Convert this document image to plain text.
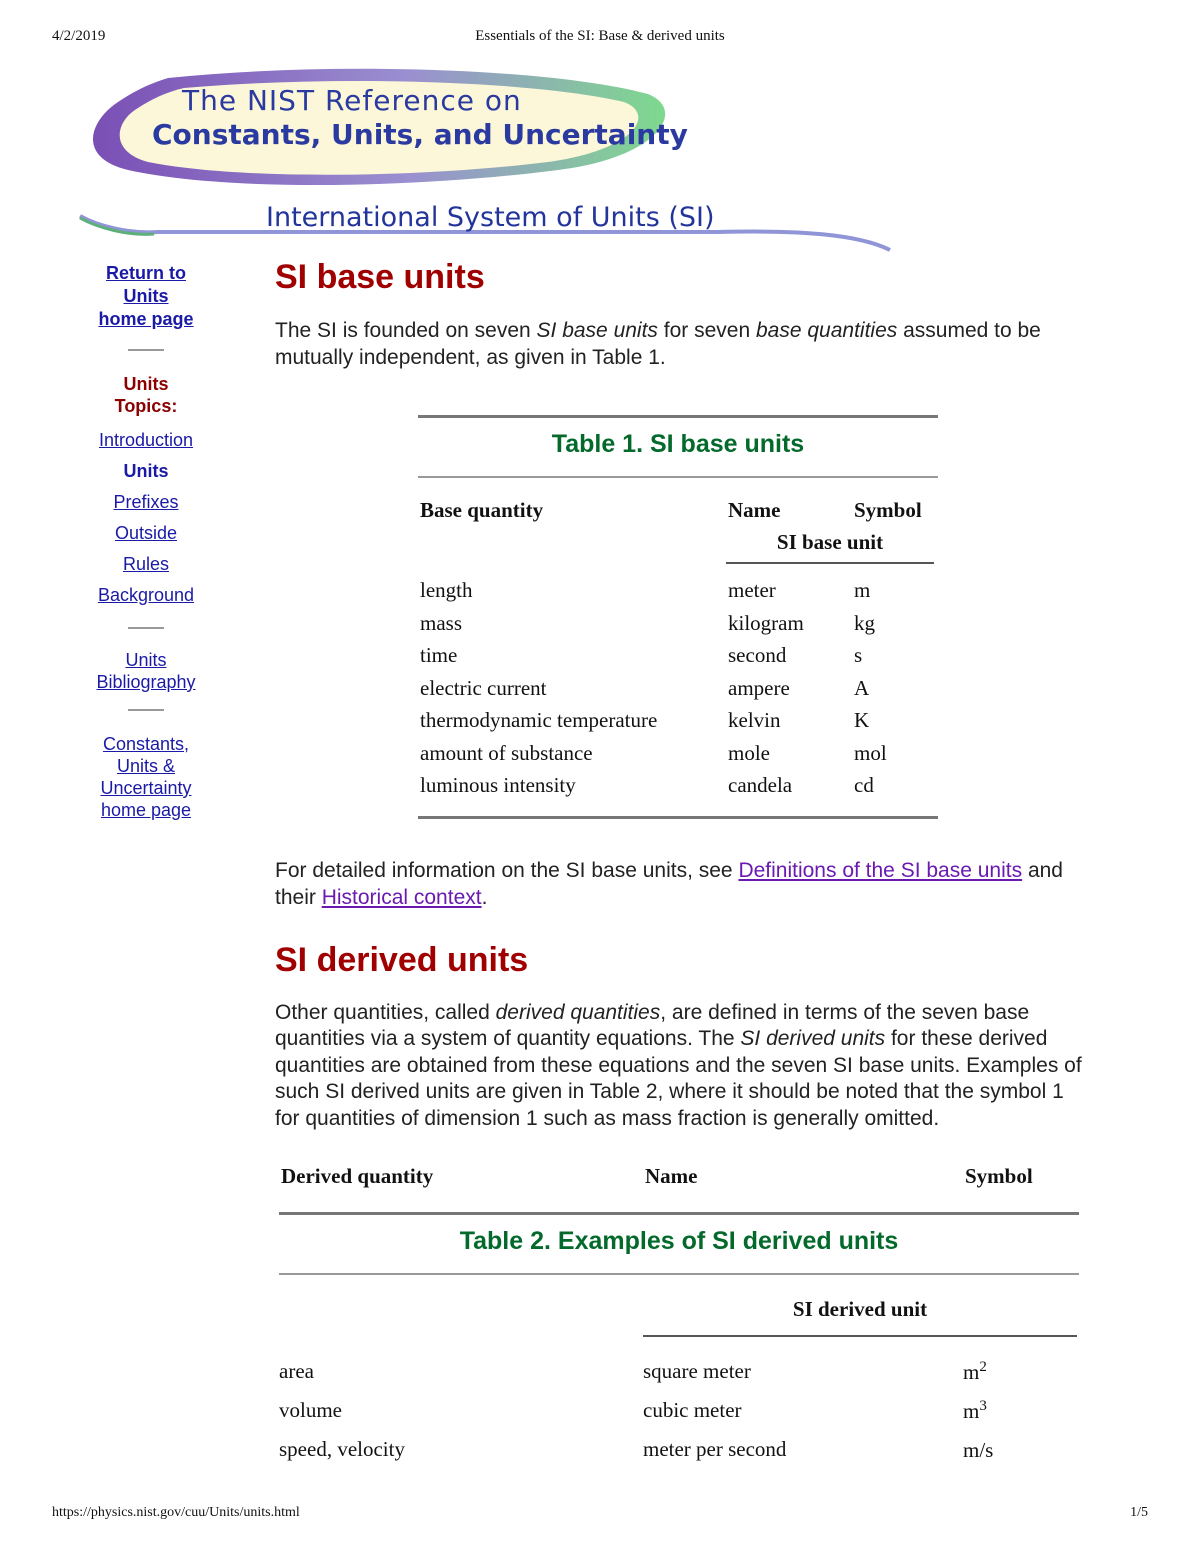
4/2/2019	Essentials of the SI: Base & derived units
The NIST Reference on
Constants, Units, and Uncertainty
International System of Units (SI)
Return to
Units
home page
Units
Topics:
Introduction
Units
Prefixes
Outside
Rules
Background
Units
Bibliography
Constants,
Units &
Uncertainty
home page
SI base units

The SI is founded on seven SI base units for seven base quantities assumed to be mutually independent, as given in Table 1.

Table 1. SI base units
Base quantity	Name	Symbol
SI base unit
length	meter	m
mass	kilogram kg
time	second	s
electric current	ampere	A
thermodynamic temperature	kelvin	K
amount of substance	mole	mol
luminous intensity	candela	cd

For detailed information on the SI base units, see Definitions of the SI base units and their Historical context.

SI derived units

Other quantities, called derived quantities, are defined in terms of the seven base quantities via a system of quantity equations. The SI derived units for these derived quantities are obtained from these equations and the seven SI base units. Examples of such SI derived units are given in Table 2, where it should be noted that the symbol 1 for quantities of dimension 1 such as mass fraction is generally omitted.

Derived quantity	Name	Symbol
Table 2. Examples of SI derived units
SI derived unit
area	square meter	$m^2$
volume	cubic meter	$m^3$
speed, velocity	meter per second	m/s
https://physics.nist.gov/cuu/Units/units.html	1/5
